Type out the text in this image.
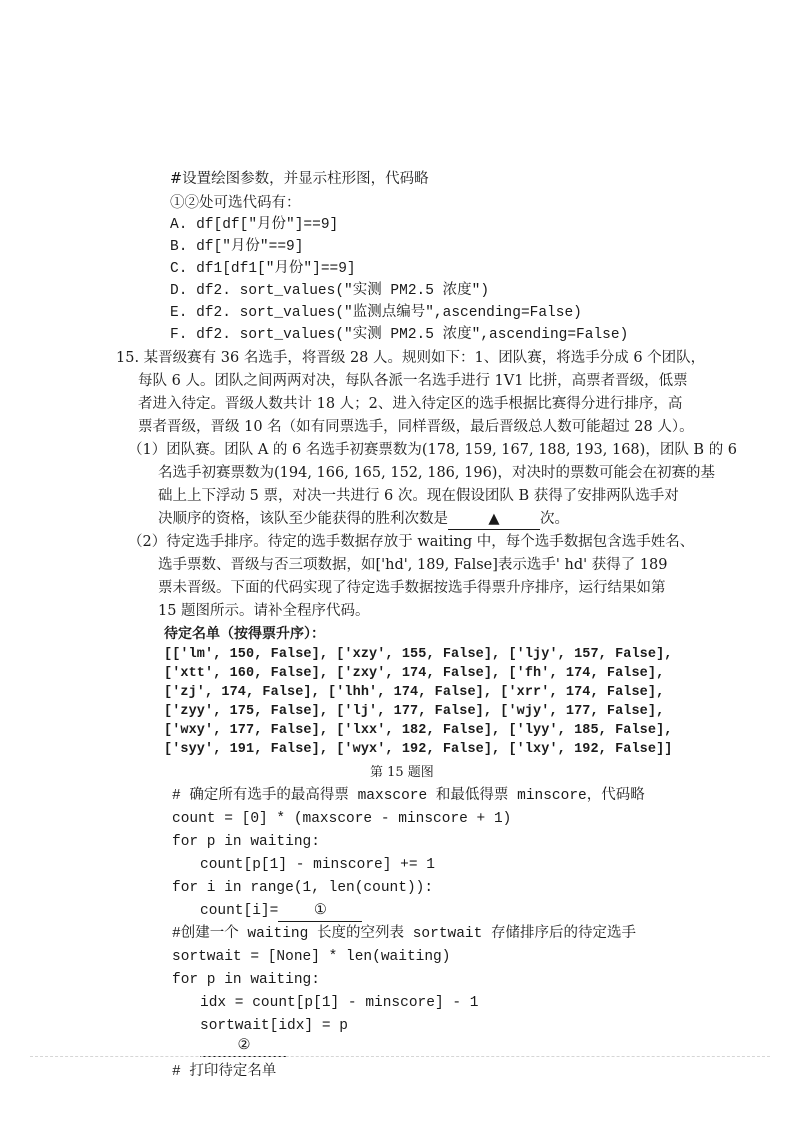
#设置绘图参数，并显示柱形图，代码略
①②处可选代码有：
A. df[df["月份"]==9]
B. df["月份"==9]
C. df1[df1["月份"]==9]
D. df2. sort_values("实测 PM2.5 浓度")
E. df2. sort_values("监测点编号",ascending=False)
F. df2. sort_values("实测 PM2.5 浓度",ascending=False)
15. 某晋级赛有 36 名选手，将晋级 28 人。规则如下：1、团队赛，将选手分成 6 个团队，
每队 6 人。团队之间两两对决，每队各派一名选手进行 1V1 比拼，高票者晋级，低票
者进入待定。晋级人数共计 18 人；2、进入待定区的选手根据比赛得分进行排序，高
票者晋级，晋级 10 名（如有同票选手，同样晋级，最后晋级总人数可能超过 28 人）。
（1）团队赛。团队 A 的 6 名选手初赛票数为(178, 159, 167, 188, 193, 168)，团队 B 的 6
名选手初赛票数为(194, 166, 165, 152, 186, 196)，对决时的票数可能会在初赛的基
础上上下浮动 5 票，对决一共进行 6 次。现在假设团队 B 获得了安排两队选手对
决顺序的资格，该队至少能获得的胜利次数是	▲	次。
（2）待定选手排序。待定的选手数据存放于 waiting 中，每个选手数据包含选手姓名、
选手票数、晋级与否三项数据，如['hd', 189, False]表示选手' hd' 获得了 189
票未晋级。下面的代码实现了待定选手数据按选手得票升序排序，运行结果如第
15 题图所示。请补全程序代码。
待定名单（按得票升序）：
[['lm', 150, False], ['xzy', 155, False], ['ljy', 157, False],
['xtt', 160, False], ['zxy', 174, False], ['fh', 174, False],
['zj', 174, False], ['lhh', 174, False], ['xrr', 174, False],
['zyy', 175, False], ['lj', 177, False], ['wjy', 177, False],
['wxy', 177, False], ['lxx', 182, False], ['lyy', 185, False],
['syy', 191, False], ['wyx', 192, False], ['lxy', 192, False]]
第 15 题图
# 确定所有选手的最高得票 maxscore 和最低得票 minscore，代码略
count = [0] * (maxscore - minscore + 1)
for p in waiting:
count[p[1] - minscore] += 1
for i in range(1, len(count)):
count[i]= ①
#创建一个 waiting 长度的空列表 sortwait 存储排序后的待定选手
sortwait = [None] * len(waiting)
for p in waiting:
idx = count[p[1] - minscore] - 1
sortwait[idx] = p
②
# 打印待定名单
